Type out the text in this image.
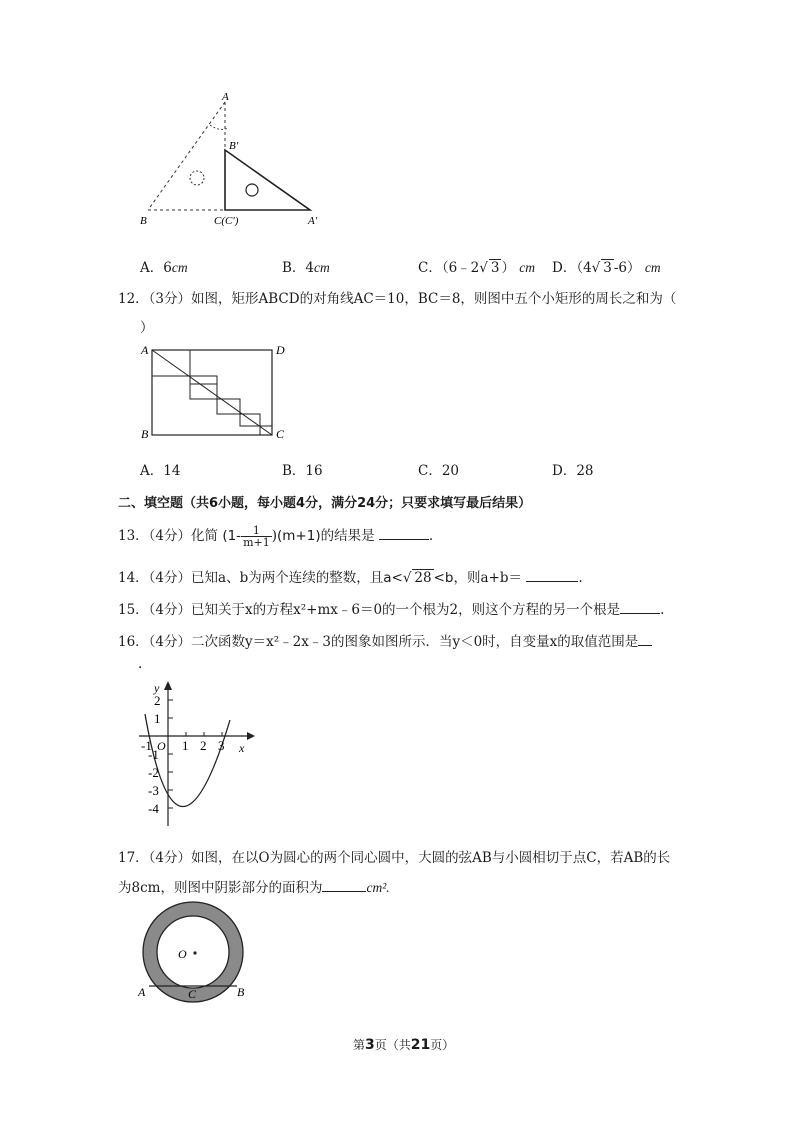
A
B′
B	C(C′)	A′
A．6cm	B．4cm	C．（6﹣2√ 3 ） cm D．（4√ 3 -6） cm
12．（3分）如图，矩形ABCD的对角线AC＝10，BC＝8，则图中五个小矩形的周长之和为（
）
A	D
B	C
A．14	B．16	C．20	D．28
二、填空题（共6小题，每小题4分，满分24分；只要求填写最后结果）
13．（4分）化简 $(1- \frac{1}{m+1} )(m+1)$的结果是	.
14．（4分）已知a、b为两个连续的整数，且a<√ 28 <b，则a+b＝	.
15．（4分）已知关于x的方程x²+mx﹣6＝0的一个根为2，则这个方程的另一个根是	.
16．（4分）二次函数y＝x²﹣2x﹣3的图象如图所示．当y＜0时，自变量x的取值范围是
.
y
x
O
-1 1 2 3
2
1
-1
-2
-3
-4
17．（4分）如图，在以O为圆心的两个同心圆中，大圆的弦AB与小圆相切于点C，若AB的长
为8cm，则图中阴影部分的面积为	cm².
O
A	C	B
第3页（共21页）
